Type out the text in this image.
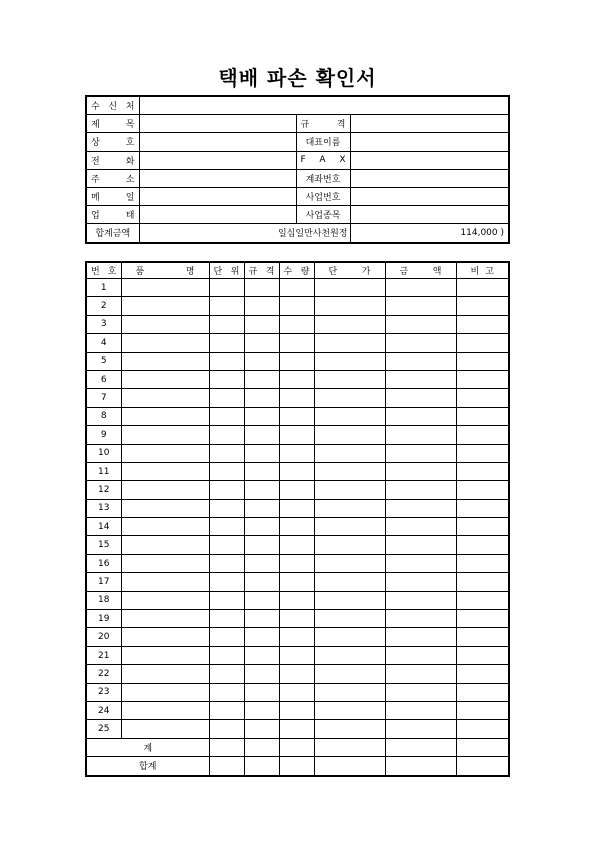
택배 파손 확인서
수 신 처			
제 목		규 격	
상 호		대표이름	
전 화		F A X	
주 소		계좌번호	
메 일		사업번호	
업 태		사업종목	
합계금액	일십일만사천원정		114,000 )
번 호	품 명	단 위	규 격	수 량	단 가	금 액	비 고
1							
2							
3							
4							
5							
6							
7							
8							
9							
10							
11							
12							
13							
14							
15							
16							
17							
18							
19							
20							
21							
22							
23							
24							
25							
계							
합계							
